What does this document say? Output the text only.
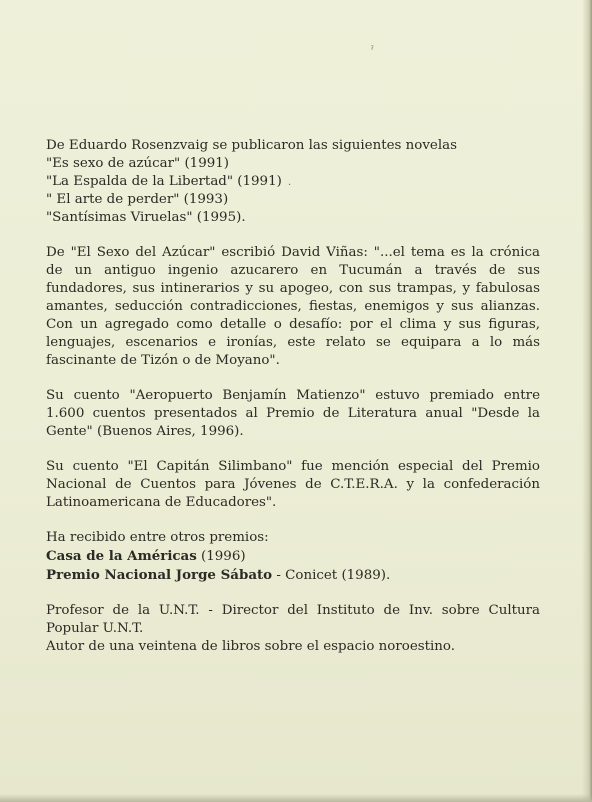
ˀ
·

De Eduardo Rosenzvaig se publicaron las siguientes novelas
"Es sexo de azúcar" (1991)
"La Espalda de la Libertad" (1991)
" El arte de perder" (1993)
"Santísimas Viruelas" (1995).

De "El Sexo del Azúcar" escribió David Viñas: "...el tema es la crónica de un antiguo ingenio azucarero en Tucumán a través de sus fundadores, sus intinerarios y su apogeo, con sus trampas, y fabulosas amantes, seducción contradicciones, fiestas, enemigos y sus alianzas. Con un agregado como detalle o desafío: por el clima y sus figuras, lenguajes, escenarios e ironías, este relato se equipara a lo más fascinante de Tizón o de Moyano".

Su cuento "Aeropuerto Benjamín Matienzo" estuvo premiado entre 1.600 cuentos presentados al Premio de Literatura anual "Desde la Gente" (Buenos Aires, 1996).

Su cuento "El Capitán Silimbano" fue mención especial del Premio Nacional de Cuentos para Jóvenes de C.T.E.R.A. y la confederación Latinoamericana de Educadores".

Ha recibido entre otros premios:
Casa de la Américas (1996)
Premio Nacional Jorge Sábato - Conicet (1989).

Profesor de la U.N.T. - Director del Instituto de Inv. sobre Cultura Popular U.N.T.
Autor de una veintena de libros sobre el espacio noroestino.
